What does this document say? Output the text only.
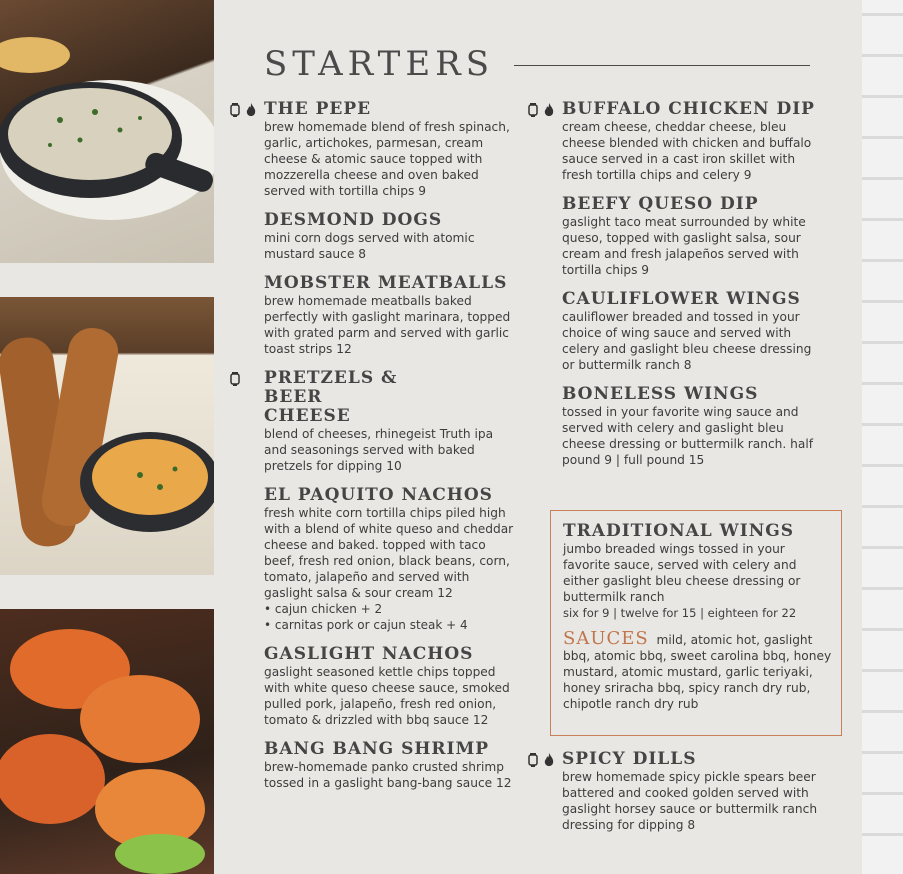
STARTERS

THE PEPE

brew homemade blend of fresh spinach, garlic, artichokes, parmesan, cream cheese & atomic sauce topped with mozzerella cheese and oven baked served with tortilla chips 9

DESMOND DOGS

mini corn dogs served with atomic mustard sauce 8

MOBSTER MEATBALLS

brew homemade meatballs baked perfectly with gaslight marinara, topped with grated parm and served with garlic toast strips 12

PRETZELS & BEER CHEESE

blend of cheeses, rhinegeist Truth ipa and seasonings served with baked pretzels for dipping 10

EL PAQUITO NACHOS

fresh white corn tortilla chips piled high with a blend of white queso and cheddar cheese and baked. topped with taco beef, fresh red onion, black beans, corn, tomato, jalapeño and served with gaslight salsa & sour cream 12

• cajun chicken + 2

• carnitas pork or cajun steak + 4

GASLIGHT NACHOS

gaslight seasoned kettle chips topped with white queso cheese sauce, smoked pulled pork, jalapeño, fresh red onion, tomato & drizzled with bbq sauce 12

BANG BANG SHRIMP

brew-homemade panko crusted shrimp tossed in a gaslight bang-bang sauce 12

BUFFALO CHICKEN DIP

cream cheese, cheddar cheese, bleu cheese blended with chicken and buffalo sauce served in a cast iron skillet with fresh tortilla chips and celery 9

BEEFY QUESO DIP

gaslight taco meat surrounded by white queso, topped with gaslight salsa, sour cream and fresh jalapeños served with tortilla chips 9

CAULIFLOWER WINGS

cauliflower breaded and tossed in your choice of wing sauce and served with celery and gaslight bleu cheese dressing or buttermilk ranch 8

BONELESS WINGS

tossed in your favorite wing sauce and served with celery and gaslight bleu cheese dressing or buttermilk ranch. half pound 9 | full pound 15

TRADITIONAL WINGS

jumbo breaded wings tossed in your favorite sauce, served with celery and either gaslight bleu cheese dressing or buttermilk ranch

six for 9 | twelve for 15 | eighteen for 22

SAUCES mild, atomic hot, gaslight bbq, atomic bbq, sweet carolina bbq, honey mustard, atomic mustard, garlic teriyaki, honey sriracha bbq, spicy ranch dry rub, chipotle ranch dry rub

SPICY DILLS

brew homemade spicy pickle spears beer battered and cooked golden served with gaslight horsey sauce or buttermilk ranch dressing for dipping 8
